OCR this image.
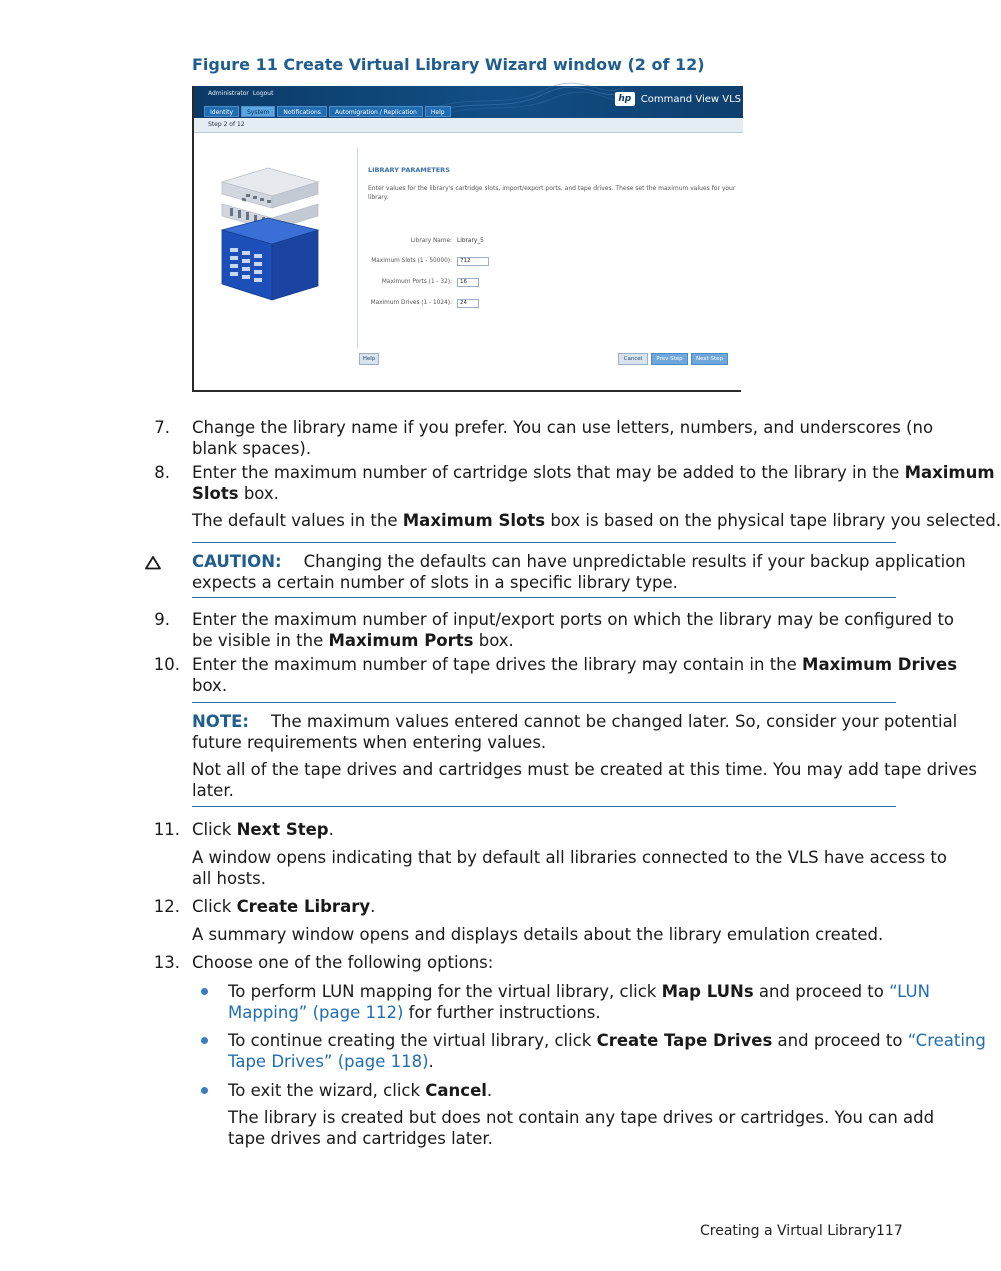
Figure 11 Create Virtual Library Wizard window (2 of 12)
Administrator Logout
Identity	System	Notifications	Automigration / Replication	Help
hp Command View VLS
Step 2 of 12
LIBRARY PARAMETERS
Enter values for the library's cartridge slots, import/export ports, and tape drives. These set the maximum values for your library.
Library Name: Library_5
Maximum Slots (1 - 50000):	712
Maximum Ports (1 - 32):	16
Maximum Drives (1 - 1024):	24
Help	Cancel	Prev Step	Next Step
7. Change the library name if you prefer. You can use letters, numbers, and underscores (no
blank spaces).
8. Enter the maximum number of cartridge slots that may be added to the library in the Maximum
Slots box.
The default values in the Maximum Slots box is based on the physical tape library you selected.
CAUTION: Changing the defaults can have unpredictable results if your backup application
expects a certain number of slots in a specific library type.
9. Enter the maximum number of input/export ports on which the library may be configured to
be visible in the Maximum Ports box.
10. Enter the maximum number of tape drives the library may contain in the Maximum Drives
box.
NOTE: The maximum values entered cannot be changed later. So, consider your potential
future requirements when entering values.
Not all of the tape drives and cartridges must be created at this time. You may add tape drives
later.
11. Click Next Step.
A window opens indicating that by default all libraries connected to the VLS have access to
all hosts.
12. Click Create Library.
A summary window opens and displays details about the library emulation created.
13. Choose one of the following options:
To perform LUN mapping for the virtual library, click Map LUNs and proceed to “LUN
Mapping” (page 112) for further instructions.
To continue creating the virtual library, click Create Tape Drives and proceed to “Creating
Tape Drives” (page 118).
To exit the wizard, click Cancel.
The library is created but does not contain any tape drives or cartridges. You can add
tape drives and cartridges later.
Creating a Virtual Library 117
